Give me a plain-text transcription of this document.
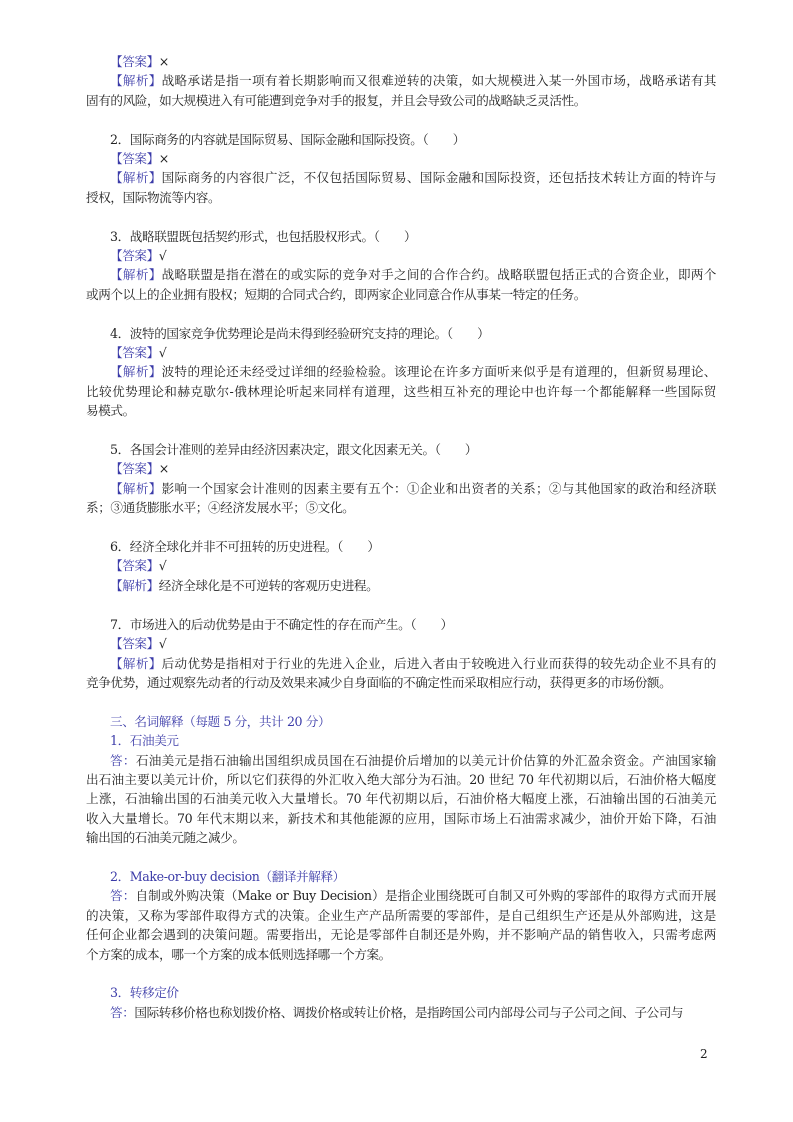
【答案】×
【解析】战略承诺是指一项有着长期影响而又很难逆转的决策，如大规模进入某一外国市场，战略承诺有其
固有的风险，如大规模进入有可能遭到竞争对手的报复，并且会导致公司的战略缺乏灵活性。
2．国际商务的内容就是国际贸易、国际金融和国际投资。（　　）
【答案】×
【解析】国际商务的内容很广泛，不仅包括国际贸易、国际金融和国际投资，还包括技术转让方面的特许与
授权，国际物流等内容。
3．战略联盟既包括契约形式，也包括股权形式。（　　）
【答案】√
【解析】战略联盟是指在潜在的或实际的竞争对手之间的合作合约。战略联盟包括正式的合资企业，即两个
或两个以上的企业拥有股权；短期的合同式合约，即两家企业同意合作从事某一特定的任务。
4．波特的国家竞争优势理论是尚未得到经验研究支持的理论。（　　）
【答案】√
【解析】波特的理论还未经受过详细的经验检验。该理论在许多方面听来似乎是有道理的，但新贸易理论、
比较优势理论和赫克歇尔-俄林理论听起来同样有道理，这些相互补充的理论中也许每一个都能解释一些国际贸
易模式。
5．各国会计准则的差异由经济因素决定，跟文化因素无关。（　　）
【答案】×
【解析】影响一个国家会计准则的因素主要有五个：①企业和出资者的关系；②与其他国家的政治和经济联
系；③通货膨胀水平；④经济发展水平；⑤文化。
6．经济全球化并非不可扭转的历史进程。（　　）
【答案】√
【解析】经济全球化是不可逆转的客观历史进程。
7．市场进入的后动优势是由于不确定性的存在而产生。（　　）
【答案】√
【解析】后动优势是指相对于行业的先进入企业，后进入者由于较晚进入行业而获得的较先动企业不具有的
竞争优势，通过观察先动者的行动及效果来减少自身面临的不确定性而采取相应行动，获得更多的市场份额。
三、名词解释（每题 5 分，共计 20 分）
1．石油美元
答：石油美元是指石油输出国组织成员国在石油提价后增加的以美元计价估算的外汇盈余资金。产油国家输
出石油主要以美元计价，所以它们获得的外汇收入绝大部分为石油。20 世纪 70 年代初期以后，石油价格大幅度
上涨，石油输出国的石油美元收入大量增长。70 年代初期以后，石油价格大幅度上涨，石油输出国的石油美元
收入大量增长。70 年代末期以来，新技术和其他能源的应用，国际市场上石油需求减少，油价开始下降，石油
输出国的石油美元随之减少。
2．Make-or-buy decision（翻译并解释）
答：自制或外购决策（Make or Buy Decision）是指企业围绕既可自制又可外购的零部件的取得方式而开展
的决策，又称为零部件取得方式的决策。企业生产产品所需要的零部件，是自己组织生产还是从外部购进，这是
任何企业都会遇到的决策问题。需要指出，无论是零部件自制还是外购，并不影响产品的销售收入，只需考虑两
个方案的成本，哪一个方案的成本低则选择哪一个方案。
3．转移定价
答：国际转移价格也称划拨价格、调拨价格或转让价格，是指跨国公司内部母公司与子公司之间、子公司与
2
